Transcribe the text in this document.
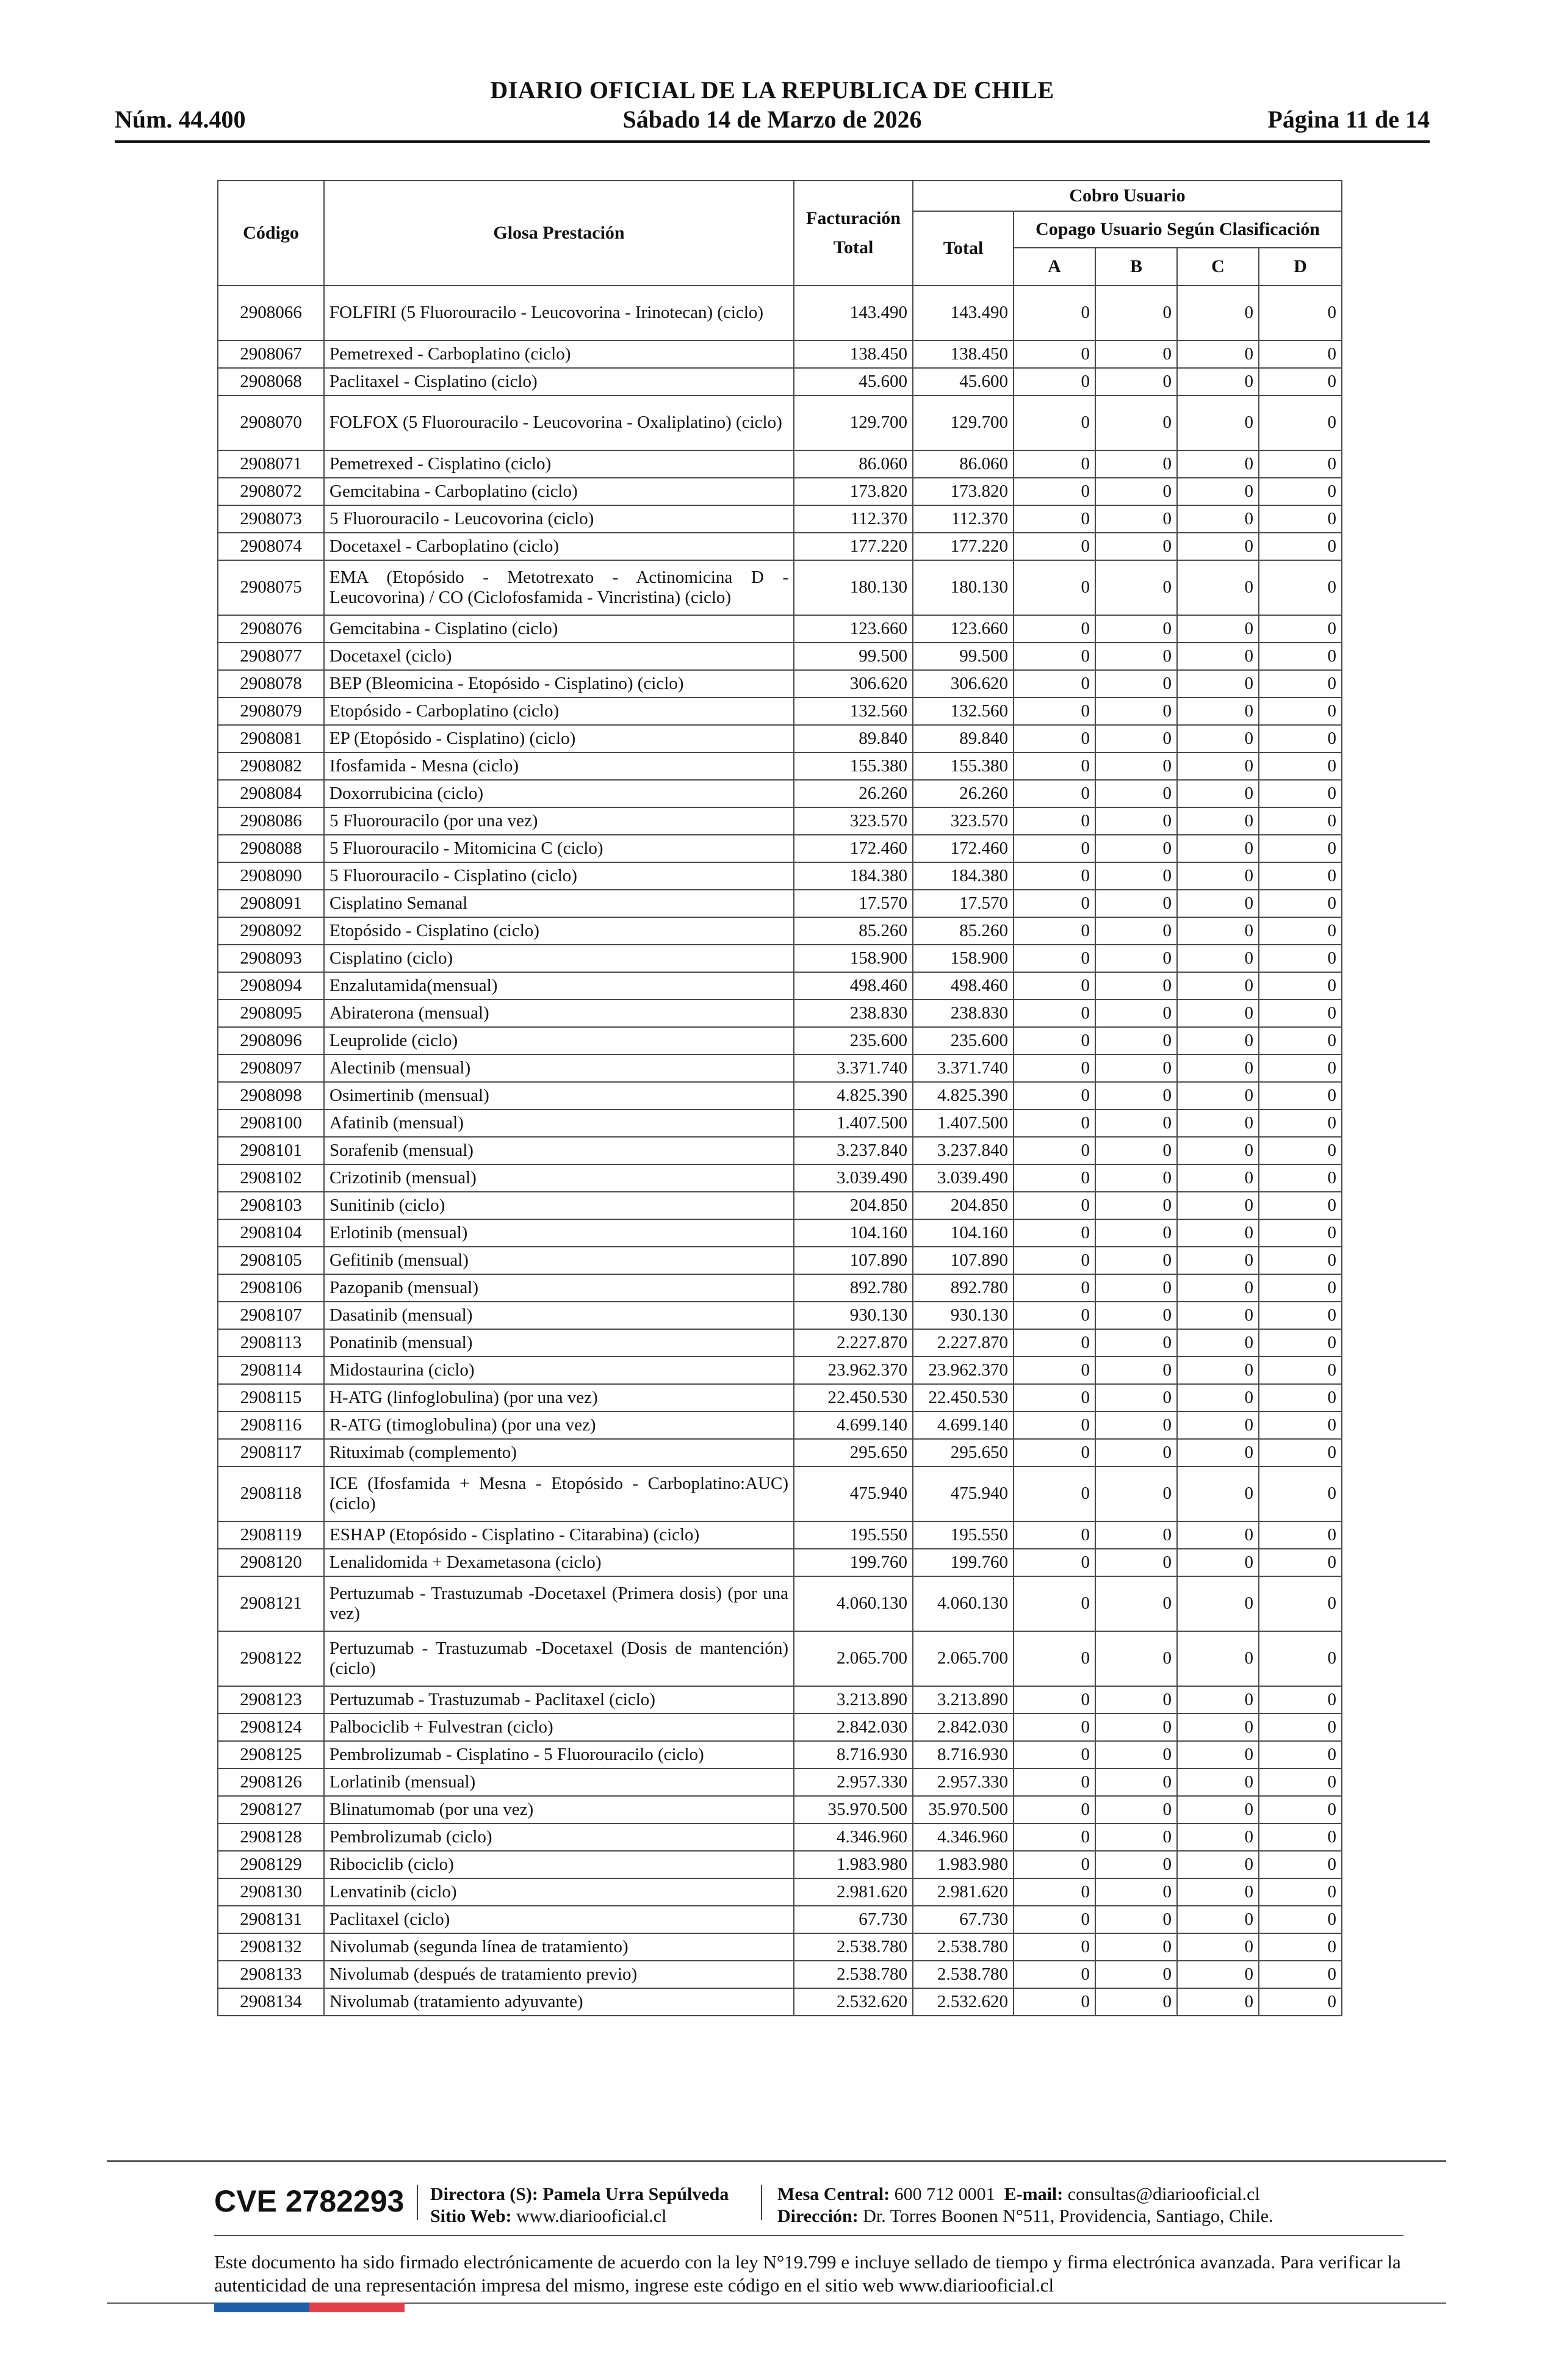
DIARIO OFICIAL DE LA REPUBLICA DE CHILE
Núm. 44.400	Sábado 14 de Marzo de 2026	Página 11 de 14
Código	Glosa Prestación	Facturación Total	Cobro Usuario				
			Total	Copago Usuario Según Clasificación			
				A	B	C	D
2908066	FOLFIRI (5 Fluorouracilo - Leucovorina - Irinotecan) (ciclo)	143.490	143.490	0	0	0	0
2908067	Pemetrexed - Carboplatino (ciclo)	138.450	138.450	0	0	0	0
2908068	Paclitaxel - Cisplatino (ciclo)	45.600	45.600	0	0	0	0
2908070	FOLFOX (5 Fluorouracilo - Leucovorina - Oxaliplatino) (ciclo)	129.700	129.700	0	0	0	0
2908071	Pemetrexed - Cisplatino (ciclo)	86.060	86.060	0	0	0	0
2908072	Gemcitabina - Carboplatino (ciclo)	173.820	173.820	0	0	0	0
2908073	5 Fluorouracilo - Leucovorina (ciclo)	112.370	112.370	0	0	0	0
2908074	Docetaxel - Carboplatino (ciclo)	177.220	177.220	0	0	0	0
2908075	EMA (Etopósido - Metotrexato - Actinomicina D - Leucovorina) / CO (Ciclofosfamida - Vincristina) (ciclo)	180.130	180.130	0	0	0	0
2908076	Gemcitabina - Cisplatino (ciclo)	123.660	123.660	0	0	0	0
2908077	Docetaxel (ciclo)	99.500	99.500	0	0	0	0
2908078	BEP (Bleomicina - Etopósido - Cisplatino) (ciclo)	306.620	306.620	0	0	0	0
2908079	Etopósido - Carboplatino (ciclo)	132.560	132.560	0	0	0	0
2908081	EP (Etopósido - Cisplatino) (ciclo)	89.840	89.840	0	0	0	0
2908082	Ifosfamida - Mesna (ciclo)	155.380	155.380	0	0	0	0
2908084	Doxorrubicina (ciclo)	26.260	26.260	0	0	0	0
2908086	5 Fluorouracilo (por una vez)	323.570	323.570	0	0	0	0
2908088	5 Fluorouracilo - Mitomicina C (ciclo)	172.460	172.460	0	0	0	0
2908090	5 Fluorouracilo - Cisplatino (ciclo)	184.380	184.380	0	0	0	0
2908091	Cisplatino Semanal	17.570	17.570	0	0	0	0
2908092	Etopósido - Cisplatino (ciclo)	85.260	85.260	0	0	0	0
2908093	Cisplatino (ciclo)	158.900	158.900	0	0	0	0
2908094	Enzalutamida(mensual)	498.460	498.460	0	0	0	0
2908095	Abiraterona (mensual)	238.830	238.830	0	0	0	0
2908096	Leuprolide (ciclo)	235.600	235.600	0	0	0	0
2908097	Alectinib (mensual)	3.371.740	3.371.740	0	0	0	0
2908098	Osimertinib (mensual)	4.825.390	4.825.390	0	0	0	0
2908100	Afatinib (mensual)	1.407.500	1.407.500	0	0	0	0
2908101	Sorafenib (mensual)	3.237.840	3.237.840	0	0	0	0
2908102	Crizotinib (mensual)	3.039.490	3.039.490	0	0	0	0
2908103	Sunitinib (ciclo)	204.850	204.850	0	0	0	0
2908104	Erlotinib (mensual)	104.160	104.160	0	0	0	0
2908105	Gefitinib (mensual)	107.890	107.890	0	0	0	0
2908106	Pazopanib (mensual)	892.780	892.780	0	0	0	0
2908107	Dasatinib (mensual)	930.130	930.130	0	0	0	0
2908113	Ponatinib (mensual)	2.227.870	2.227.870	0	0	0	0
2908114	Midostaurina (ciclo)	23.962.370	23.962.370	0	0	0	0
2908115	H-ATG (linfoglobulina) (por una vez)	22.450.530	22.450.530	0	0	0	0
2908116	R-ATG (timoglobulina) (por una vez)	4.699.140	4.699.140	0	0	0	0
2908117	Rituximab (complemento)	295.650	295.650	0	0	0	0
2908118	ICE (Ifosfamida + Mesna - Etopósido - Carboplatino:AUC) (ciclo)	475.940	475.940	0	0	0	0
2908119	ESHAP (Etopósido - Cisplatino - Citarabina) (ciclo)	195.550	195.550	0	0	0	0
2908120	Lenalidomida + Dexametasona (ciclo)	199.760	199.760	0	0	0	0
2908121	Pertuzumab - Trastuzumab -Docetaxel (Primera dosis) (por una vez)	4.060.130	4.060.130	0	0	0	0
2908122	Pertuzumab - Trastuzumab -Docetaxel (Dosis de mantención) (ciclo)	2.065.700	2.065.700	0	0	0	0
2908123	Pertuzumab - Trastuzumab - Paclitaxel (ciclo)	3.213.890	3.213.890	0	0	0	0
2908124	Palbociclib + Fulvestran (ciclo)	2.842.030	2.842.030	0	0	0	0
2908125	Pembrolizumab - Cisplatino - 5 Fluorouracilo (ciclo)	8.716.930	8.716.930	0	0	0	0
2908126	Lorlatinib (mensual)	2.957.330	2.957.330	0	0	0	0
2908127	Blinatumomab (por una vez)	35.970.500	35.970.500	0	0	0	0
2908128	Pembrolizumab (ciclo)	4.346.960	4.346.960	0	0	0	0
2908129	Ribociclib (ciclo)	1.983.980	1.983.980	0	0	0	0
2908130	Lenvatinib (ciclo)	2.981.620	2.981.620	0	0	0	0
2908131	Paclitaxel (ciclo)	67.730	67.730	0	0	0	0
2908132	Nivolumab (segunda línea de tratamiento)	2.538.780	2.538.780	0	0	0	0
2908133	Nivolumab (después de tratamiento previo)	2.538.780	2.538.780	0	0	0	0
2908134	Nivolumab (tratamiento adyuvante)	2.532.620	2.532.620	0	0	0	0
CVE 2782293 Directora (S): Pamela Urra Sepúlveda
Sitio Web: www.diariooficial.cl
Mesa Central: 600 712 0001 E-mail: consultas@diariooficial.cl
Dirección: Dr. Torres Boonen N°511, Providencia, Santiago, Chile.
Este documento ha sido firmado electrónicamente de acuerdo con la ley N°19.799 e incluye sellado de tiempo y firma electrónica avanzada. Para verificar la autenticidad de una representación impresa del mismo, ingrese este código en el sitio web www.diariooficial.cl
